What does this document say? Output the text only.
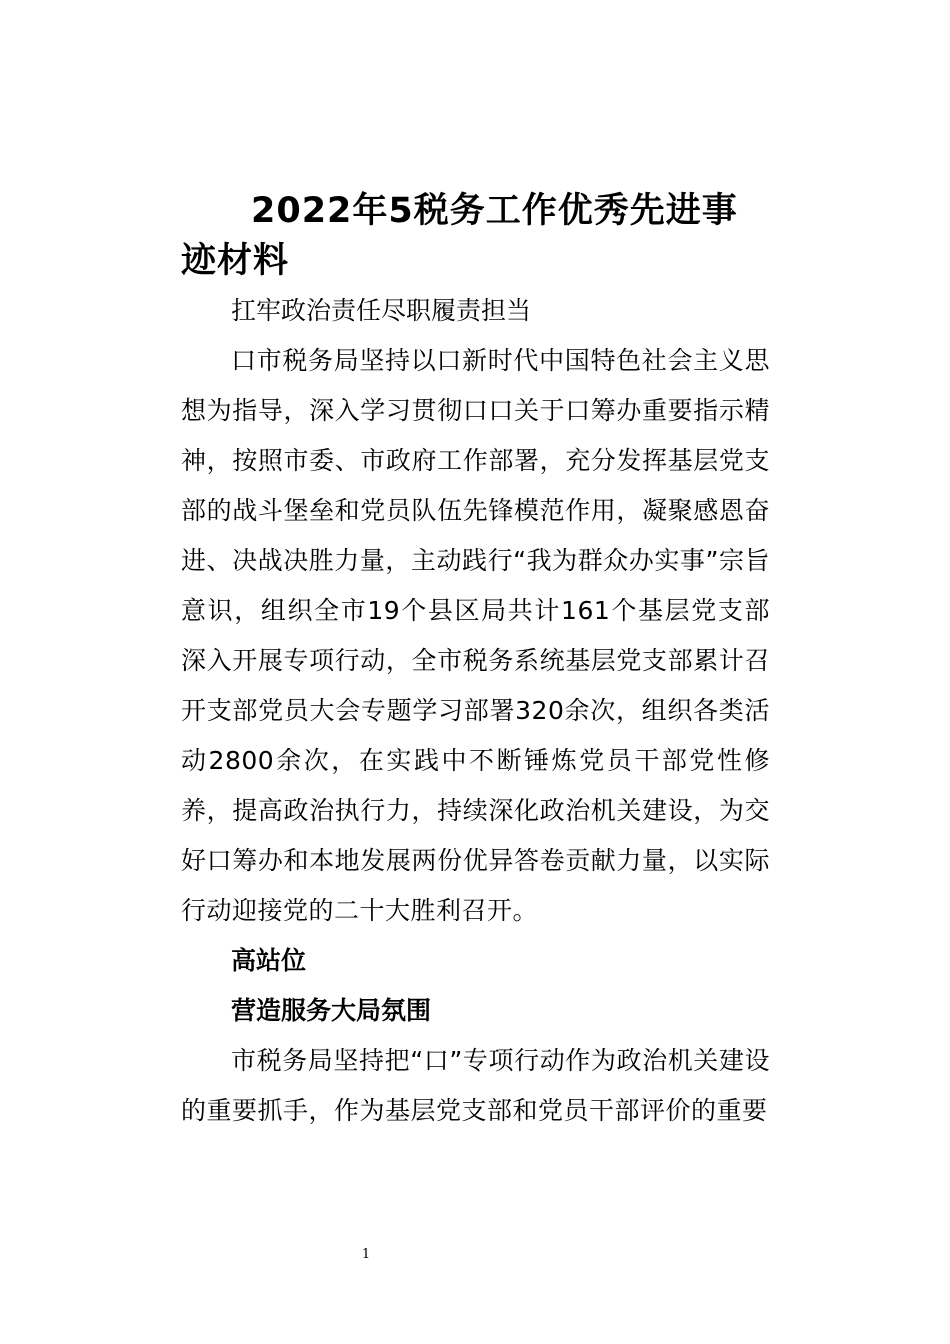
2022年5税务工作优秀先进事迹材料

扛牢政治责任尽职履责担当

口市税务局坚持以口新时代中国特色社会主义思想为指导，深入学习贯彻口口关于口筹办重要指示精神，按照市委、市政府工作部署，充分发挥基层党支部的战斗堡垒和党员队伍先锋模范作用，凝聚感恩奋进、决战决胜力量，主动践行“我为群众办实事”宗旨意识，组织全市19个县区局共计161个基层党支部深入开展专项行动，全市税务系统基层党支部累计召开支部党员大会专题学习部署320余次，组织各类活动2800余次，在实践中不断锤炼党员干部党性修养，提高政治执行力，持续深化政治机关建设，为交好口筹办和本地发展两份优异答卷贡献力量，以实际行动迎接党的二十大胜利召开。

高站位

营造服务大局氛围

市税务局坚持把“口”专项行动作为政治机关建设的重要抓手，作为基层党支部和党员干部评价的重要

1
